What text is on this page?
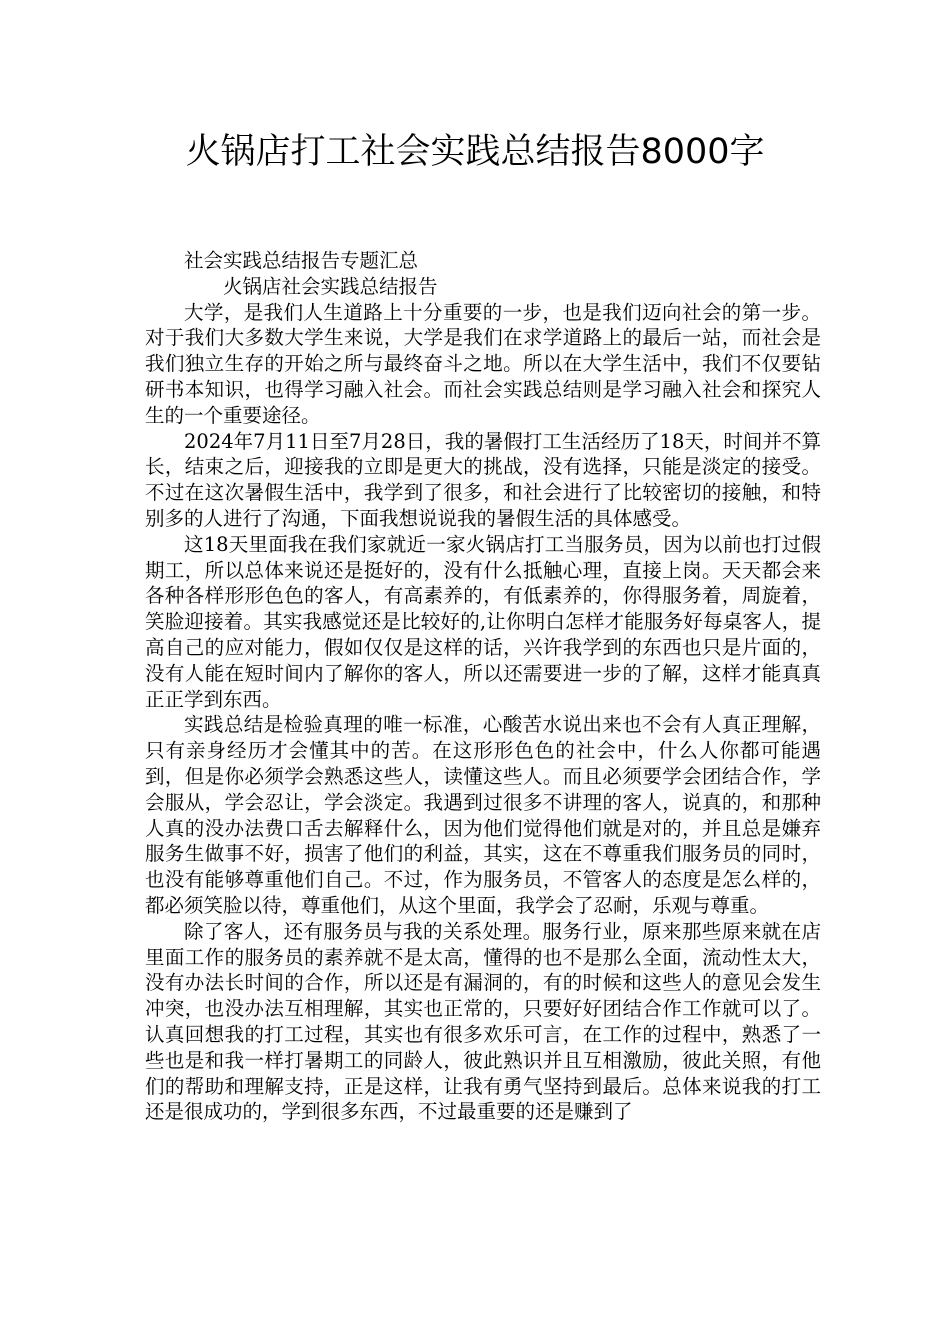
火锅店打工社会实践总结报告8000字

社会实践总结报告专题汇总

火锅店社会实践总结报告

大学，是我们人生道路上十分重要的一步，也是我们迈向社会的第一步。对于我们大多数大学生来说，大学是我们在求学道路上的最后一站，而社会是我们独立生存的开始之所与最终奋斗之地。所以在大学生活中，我们不仅要钻研书本知识，也得学习融入社会。而社会实践总结则是学习融入社会和探究人生的一个重要途径。

2024年7月11日至7月28日，我的暑假打工生活经历了18天，时间并不算长，结束之后，迎接我的立即是更大的挑战，没有选择，只能是淡定的接受。不过在这次暑假生活中，我学到了很多，和社会进行了比较密切的接触，和特别多的人进行了沟通，下面我想说说我的暑假生活的具体感受。

这18天里面我在我们家就近一家火锅店打工当服务员，因为以前也打过假期工，所以总体来说还是挺好的，没有什么抵触心理，直接上岗。天天都会来各种各样形形色色的客人，有高素养的，有低素养的，你得服务着，周旋着，笑脸迎接着。其实我感觉还是比较好的,让你明白怎样才能服务好每桌客人，提高自己的应对能力，假如仅仅是这样的话，兴许我学到的东西也只是片面的，没有人能在短时间内了解你的客人，所以还需要进一步的了解，这样才能真真正正学到东西。

实践总结是检验真理的唯一标准，心酸苦水说出来也不会有人真正理解，只有亲身经历才会懂其中的苦。在这形形色色的社会中，什么人你都可能遇到，但是你必须学会熟悉这些人，读懂这些人。而且必须要学会团结合作，学会服从，学会忍让，学会淡定。我遇到过很多不讲理的客人，说真的，和那种人真的没办法费口舌去解释什么，因为他们觉得他们就是对的，并且总是嫌弃服务生做事不好，损害了他们的利益，其实，这在不尊重我们服务员的同时，也没有能够尊重他们自己。不过，作为服务员，不管客人的态度是怎么样的，都必须笑脸以待，尊重他们，从这个里面，我学会了忍耐，乐观与尊重。

除了客人，还有服务员与我的关系处理。服务行业，原来那些原来就在店里面工作的服务员的素养就不是太高，懂得的也不是那么全面，流动性太大，没有办法长时间的合作，所以还是有漏洞的，有的时候和这些人的意见会发生冲突，也没办法互相理解，其实也正常的，只要好好团结合作工作就可以了。认真回想我的打工过程，其实也有很多欢乐可言，在工作的过程中，熟悉了一些也是和我一样打暑期工的同龄人，彼此熟识并且互相激励，彼此关照，有他们的帮助和理解支持，正是这样，让我有勇气坚持到最后。总体来说我的打工还是很成功的，学到很多东西，不过最重要的还是赚到了
